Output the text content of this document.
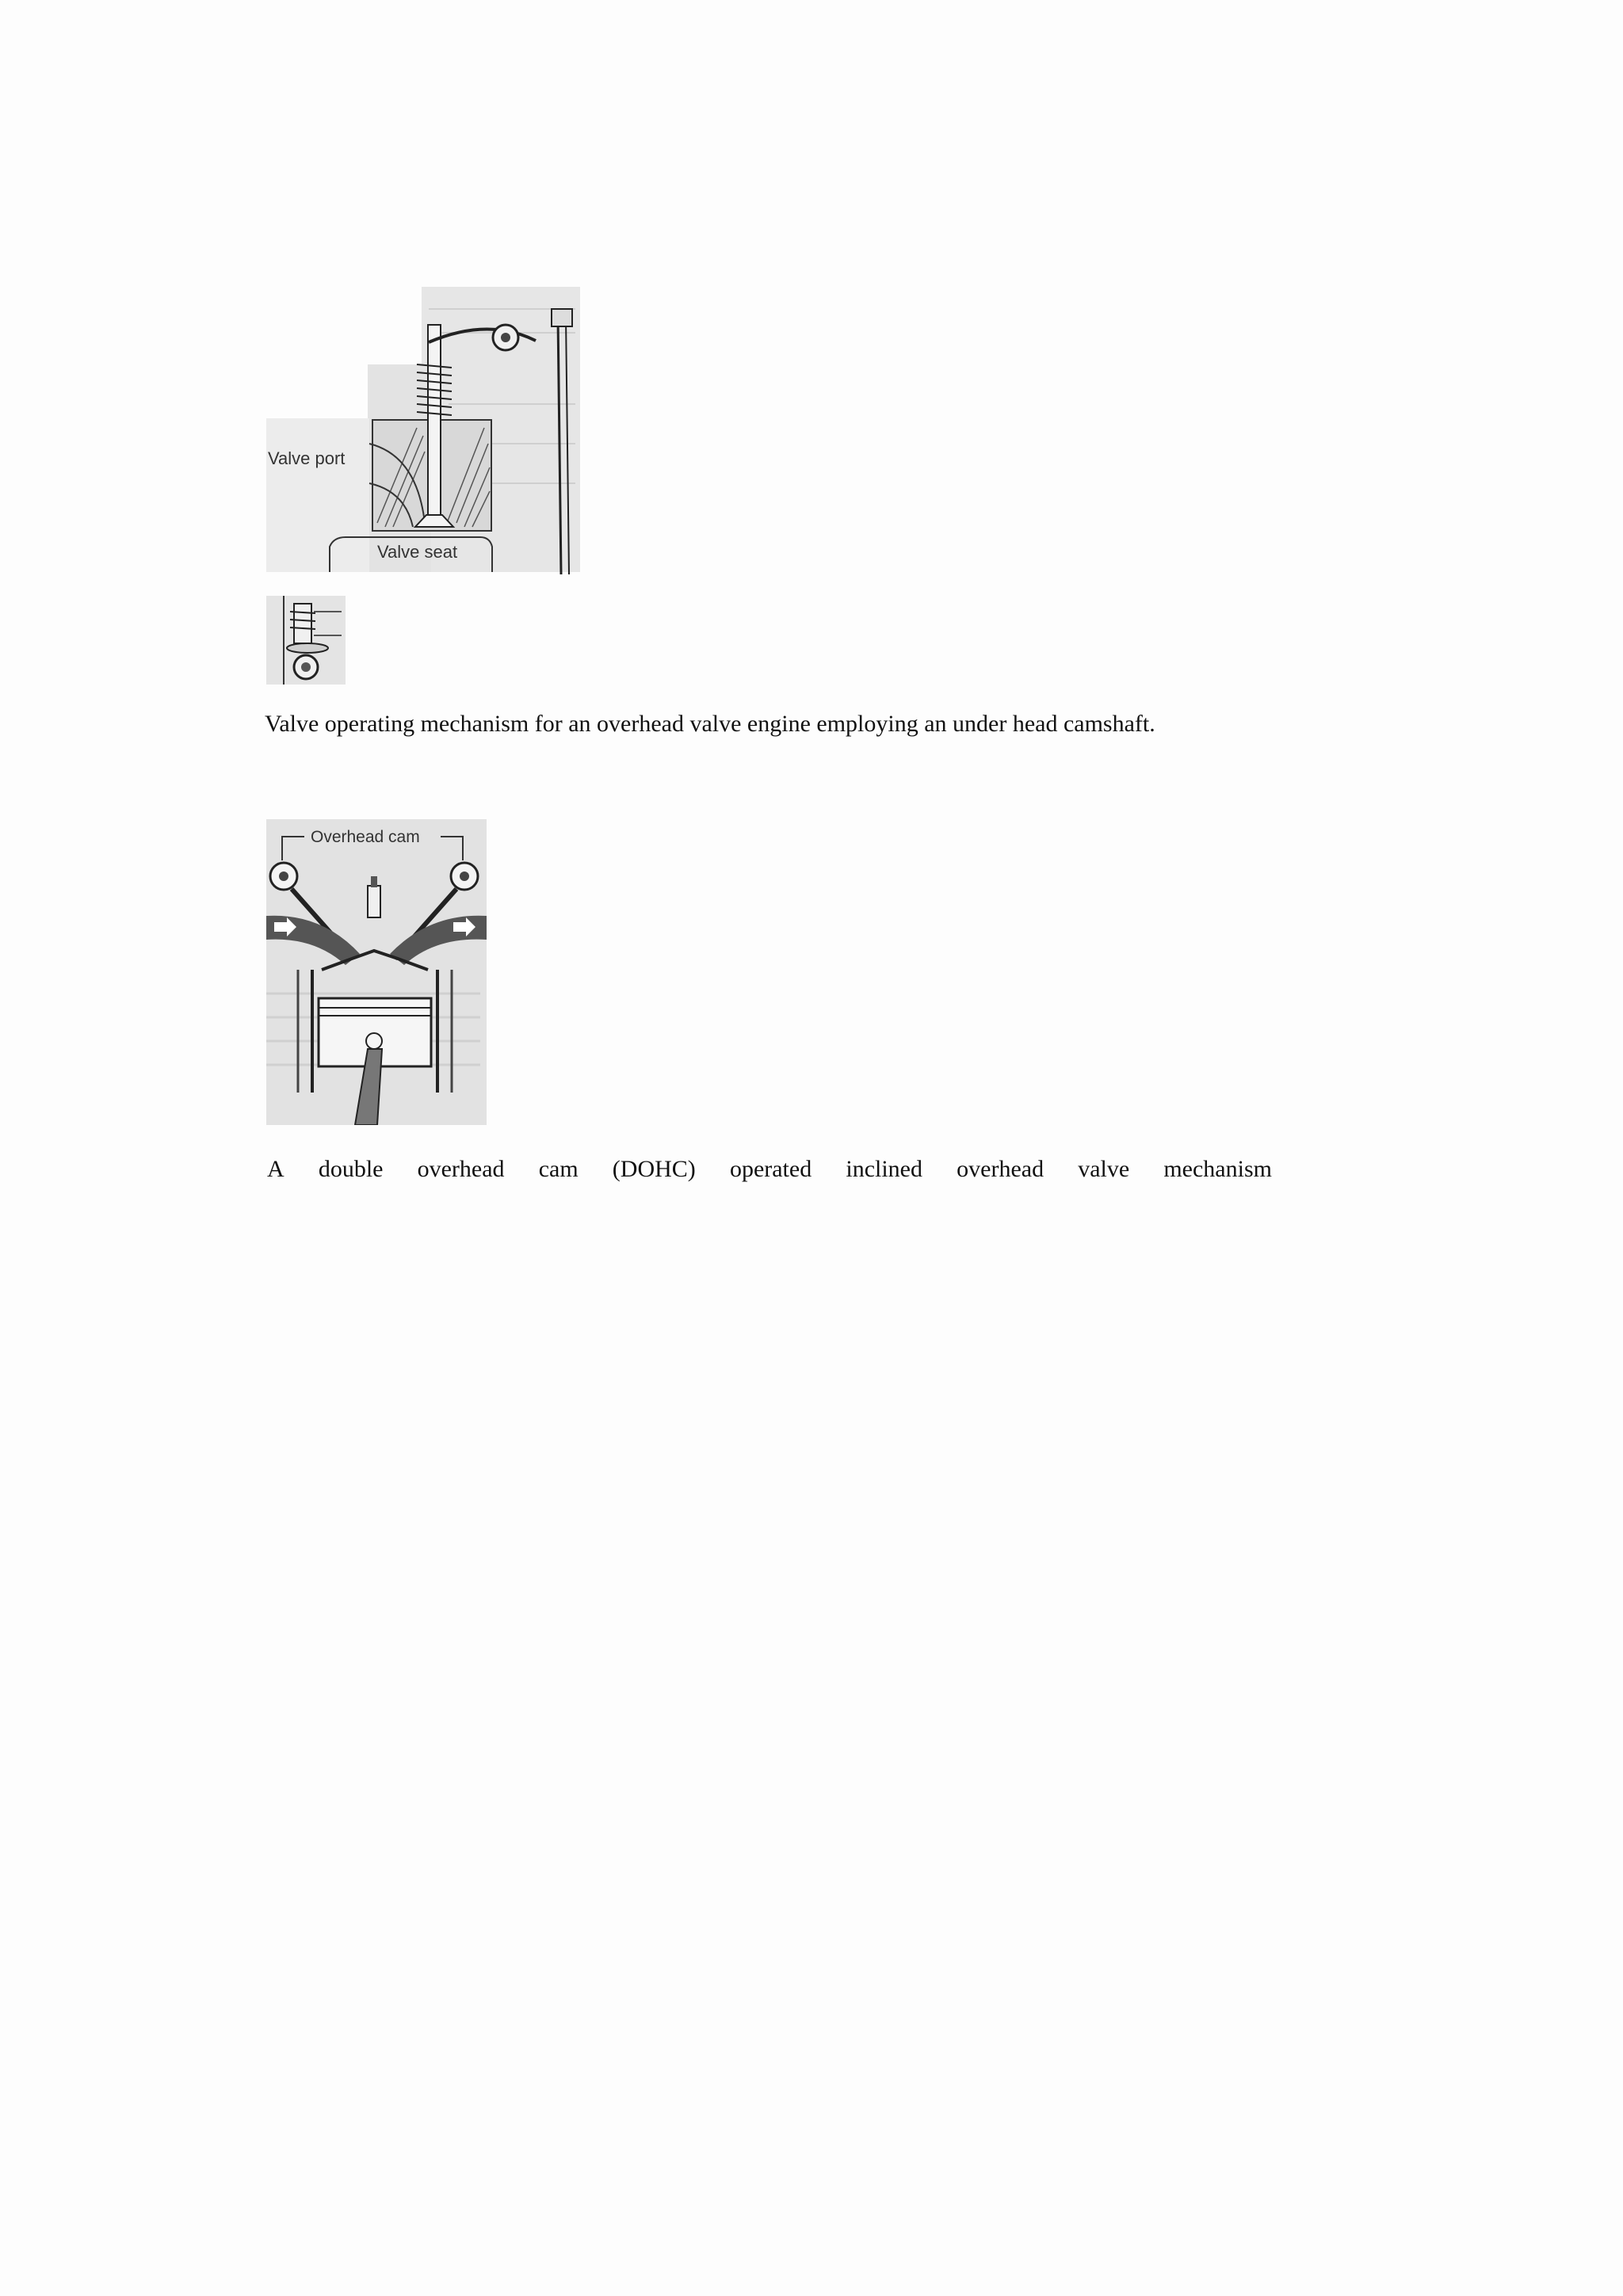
Valve port
Valve seat
Valve operating mechanism for an overhead valve engine employing an under head camshaft.
Overhead cam
A double overhead cam (DOHC) operated inclined overhead valve mechanism
